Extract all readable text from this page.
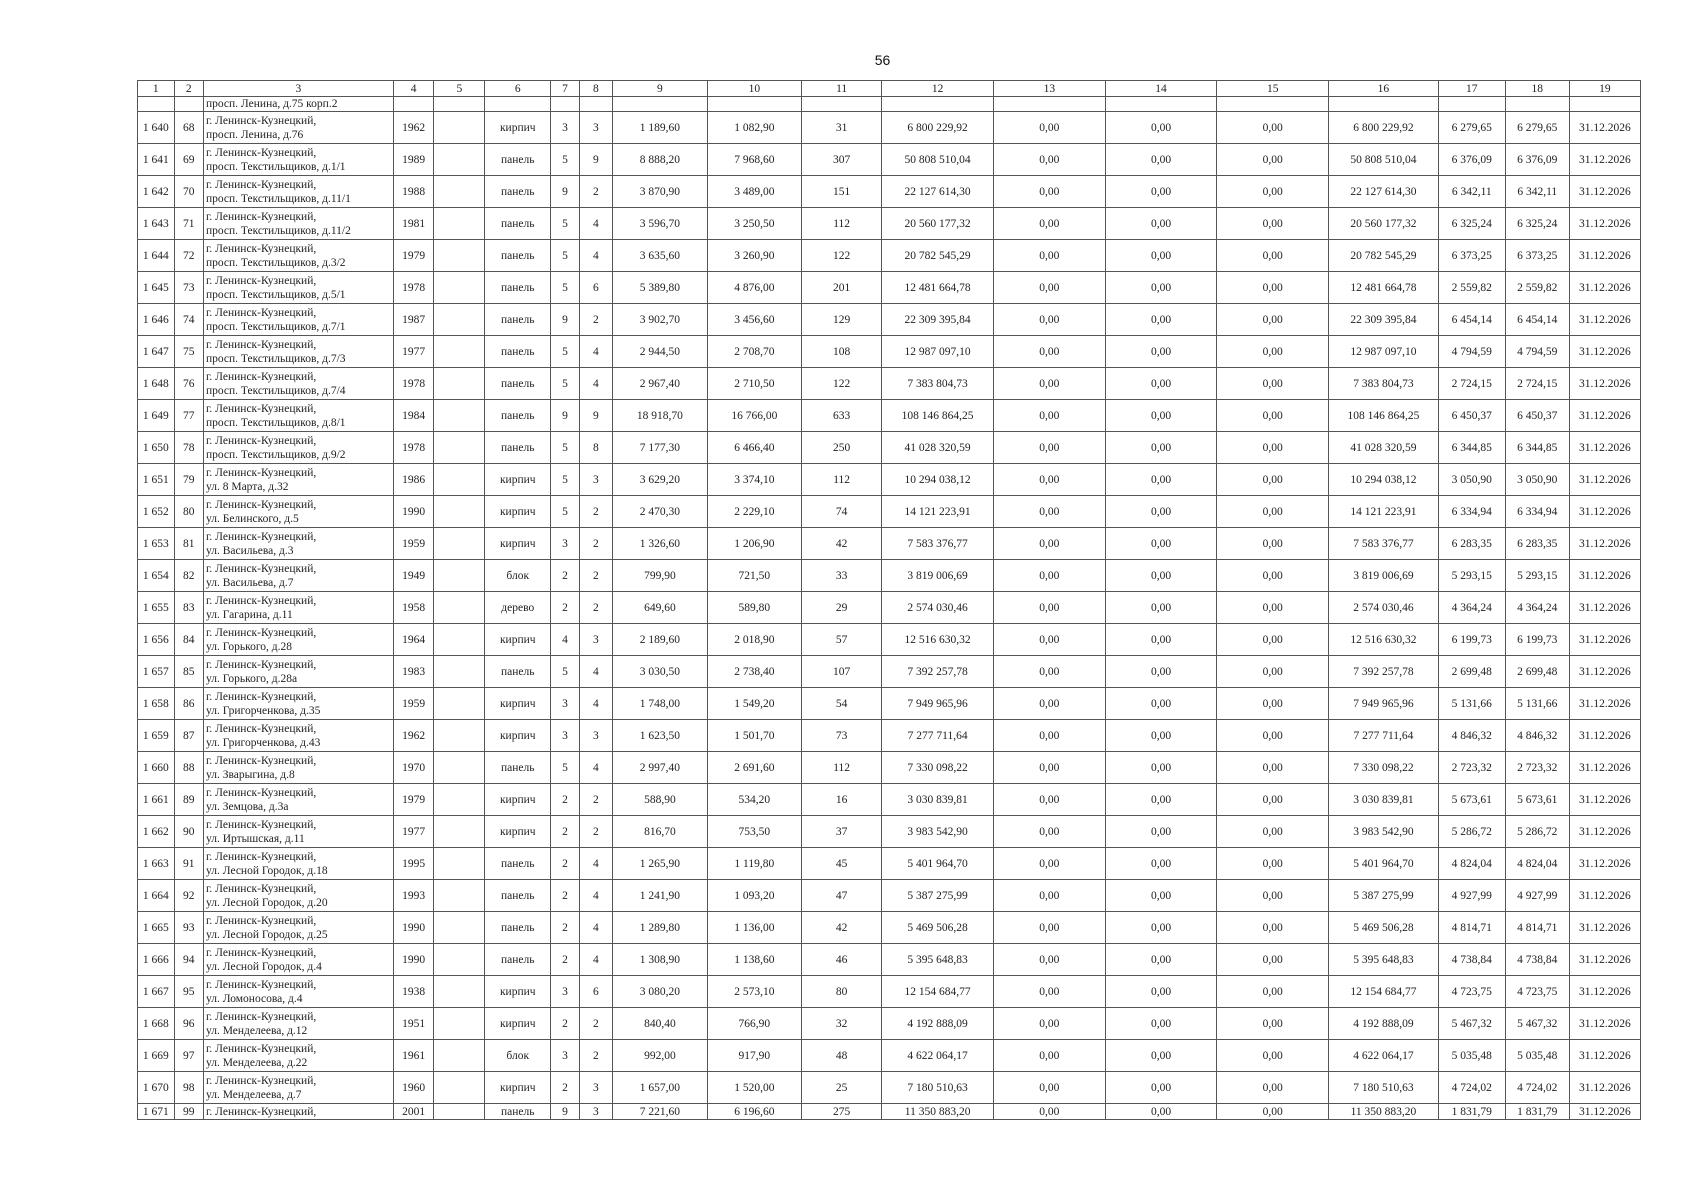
56
1	2	3	4	5	6	7	8	9	10	11	12	13	14	15	16	17	18	19
		просп. Ленина, д.75 корп.2																
1 640	68	г. Ленинск-Кузнецкий,
просп. Ленина, д.76	1962		кирпич	3	3	1 189,60	1 082,90	31	6 800 229,92	0,00	0,00	0,00	6 800 229,92	6 279,65	6 279,65	31.12.2026
1 641	69	г. Ленинск-Кузнецкий,
просп. Текстильщиков, д.1/1	1989		панель	5	9	8 888,20	7 968,60	307	50 808 510,04	0,00	0,00	0,00	50 808 510,04	6 376,09	6 376,09	31.12.2026
1 642	70	г. Ленинск-Кузнецкий,
просп. Текстильщиков, д.11/1	1988		панель	9	2	3 870,90	3 489,00	151	22 127 614,30	0,00	0,00	0,00	22 127 614,30	6 342,11	6 342,11	31.12.2026
1 643	71	г. Ленинск-Кузнецкий,
просп. Текстильщиков, д.11/2	1981		панель	5	4	3 596,70	3 250,50	112	20 560 177,32	0,00	0,00	0,00	20 560 177,32	6 325,24	6 325,24	31.12.2026
1 644	72	г. Ленинск-Кузнецкий,
просп. Текстильщиков, д.3/2	1979		панель	5	4	3 635,60	3 260,90	122	20 782 545,29	0,00	0,00	0,00	20 782 545,29	6 373,25	6 373,25	31.12.2026
1 645	73	г. Ленинск-Кузнецкий,
просп. Текстильщиков, д.5/1	1978		панель	5	6	5 389,80	4 876,00	201	12 481 664,78	0,00	0,00	0,00	12 481 664,78	2 559,82	2 559,82	31.12.2026
1 646	74	г. Ленинск-Кузнецкий,
просп. Текстильщиков, д.7/1	1987		панель	9	2	3 902,70	3 456,60	129	22 309 395,84	0,00	0,00	0,00	22 309 395,84	6 454,14	6 454,14	31.12.2026
1 647	75	г. Ленинск-Кузнецкий,
просп. Текстильщиков, д.7/3	1977		панель	5	4	2 944,50	2 708,70	108	12 987 097,10	0,00	0,00	0,00	12 987 097,10	4 794,59	4 794,59	31.12.2026
1 648	76	г. Ленинск-Кузнецкий,
просп. Текстильщиков, д.7/4	1978		панель	5	4	2 967,40	2 710,50	122	7 383 804,73	0,00	0,00	0,00	7 383 804,73	2 724,15	2 724,15	31.12.2026
1 649	77	г. Ленинск-Кузнецкий,
просп. Текстильщиков, д.8/1	1984		панель	9	9	18 918,70	16 766,00	633	108 146 864,25	0,00	0,00	0,00	108 146 864,25	6 450,37	6 450,37	31.12.2026
1 650	78	г. Ленинск-Кузнецкий,
просп. Текстильщиков, д.9/2	1978		панель	5	8	7 177,30	6 466,40	250	41 028 320,59	0,00	0,00	0,00	41 028 320,59	6 344,85	6 344,85	31.12.2026
1 651	79	г. Ленинск-Кузнецкий,
ул. 8 Марта, д.32	1986		кирпич	5	3	3 629,20	3 374,10	112	10 294 038,12	0,00	0,00	0,00	10 294 038,12	3 050,90	3 050,90	31.12.2026
1 652	80	г. Ленинск-Кузнецкий,
ул. Белинского, д.5	1990		кирпич	5	2	2 470,30	2 229,10	74	14 121 223,91	0,00	0,00	0,00	14 121 223,91	6 334,94	6 334,94	31.12.2026
1 653	81	г. Ленинск-Кузнецкий,
ул. Васильева, д.3	1959		кирпич	3	2	1 326,60	1 206,90	42	7 583 376,77	0,00	0,00	0,00	7 583 376,77	6 283,35	6 283,35	31.12.2026
1 654	82	г. Ленинск-Кузнецкий,
ул. Васильева, д.7	1949		блок	2	2	799,90	721,50	33	3 819 006,69	0,00	0,00	0,00	3 819 006,69	5 293,15	5 293,15	31.12.2026
1 655	83	г. Ленинск-Кузнецкий,
ул. Гагарина, д.11	1958		дерево	2	2	649,60	589,80	29	2 574 030,46	0,00	0,00	0,00	2 574 030,46	4 364,24	4 364,24	31.12.2026
1 656	84	г. Ленинск-Кузнецкий,
ул. Горького, д.28	1964		кирпич	4	3	2 189,60	2 018,90	57	12 516 630,32	0,00	0,00	0,00	12 516 630,32	6 199,73	6 199,73	31.12.2026
1 657	85	г. Ленинск-Кузнецкий,
ул. Горького, д.28а	1983		панель	5	4	3 030,50	2 738,40	107	7 392 257,78	0,00	0,00	0,00	7 392 257,78	2 699,48	2 699,48	31.12.2026
1 658	86	г. Ленинск-Кузнецкий,
ул. Григорченкова, д.35	1959		кирпич	3	4	1 748,00	1 549,20	54	7 949 965,96	0,00	0,00	0,00	7 949 965,96	5 131,66	5 131,66	31.12.2026
1 659	87	г. Ленинск-Кузнецкий,
ул. Григорченкова, д.43	1962		кирпич	3	3	1 623,50	1 501,70	73	7 277 711,64	0,00	0,00	0,00	7 277 711,64	4 846,32	4 846,32	31.12.2026
1 660	88	г. Ленинск-Кузнецкий,
ул. Зварыгина, д.8	1970		панель	5	4	2 997,40	2 691,60	112	7 330 098,22	0,00	0,00	0,00	7 330 098,22	2 723,32	2 723,32	31.12.2026
1 661	89	г. Ленинск-Кузнецкий,
ул. Земцова, д.3а	1979		кирпич	2	2	588,90	534,20	16	3 030 839,81	0,00	0,00	0,00	3 030 839,81	5 673,61	5 673,61	31.12.2026
1 662	90	г. Ленинск-Кузнецкий,
ул. Иртышская, д.11	1977		кирпич	2	2	816,70	753,50	37	3 983 542,90	0,00	0,00	0,00	3 983 542,90	5 286,72	5 286,72	31.12.2026
1 663	91	г. Ленинск-Кузнецкий,
ул. Лесной Городок, д.18	1995		панель	2	4	1 265,90	1 119,80	45	5 401 964,70	0,00	0,00	0,00	5 401 964,70	4 824,04	4 824,04	31.12.2026
1 664	92	г. Ленинск-Кузнецкий,
ул. Лесной Городок, д.20	1993		панель	2	4	1 241,90	1 093,20	47	5 387 275,99	0,00	0,00	0,00	5 387 275,99	4 927,99	4 927,99	31.12.2026
1 665	93	г. Ленинск-Кузнецкий,
ул. Лесной Городок, д.25	1990		панель	2	4	1 289,80	1 136,00	42	5 469 506,28	0,00	0,00	0,00	5 469 506,28	4 814,71	4 814,71	31.12.2026
1 666	94	г. Ленинск-Кузнецкий,
ул. Лесной Городок, д.4	1990		панель	2	4	1 308,90	1 138,60	46	5 395 648,83	0,00	0,00	0,00	5 395 648,83	4 738,84	4 738,84	31.12.2026
1 667	95	г. Ленинск-Кузнецкий,
ул. Ломоносова, д.4	1938		кирпич	3	6	3 080,20	2 573,10	80	12 154 684,77	0,00	0,00	0,00	12 154 684,77	4 723,75	4 723,75	31.12.2026
1 668	96	г. Ленинск-Кузнецкий,
ул. Менделеева, д.12	1951		кирпич	2	2	840,40	766,90	32	4 192 888,09	0,00	0,00	0,00	4 192 888,09	5 467,32	5 467,32	31.12.2026
1 669	97	г. Ленинск-Кузнецкий,
ул. Менделеева, д.22	1961		блок	3	2	992,00	917,90	48	4 622 064,17	0,00	0,00	0,00	4 622 064,17	5 035,48	5 035,48	31.12.2026
1 670	98	г. Ленинск-Кузнецкий,
ул. Менделеева, д.7	1960		кирпич	2	3	1 657,00	1 520,00	25	7 180 510,63	0,00	0,00	0,00	7 180 510,63	4 724,02	4 724,02	31.12.2026
1 671	99	г. Ленинск-Кузнецкий,	2001		панель	9	3	7 221,60	6 196,60	275	11 350 883,20	0,00	0,00	0,00	11 350 883,20	1 831,79	1 831,79	31.12.2026
